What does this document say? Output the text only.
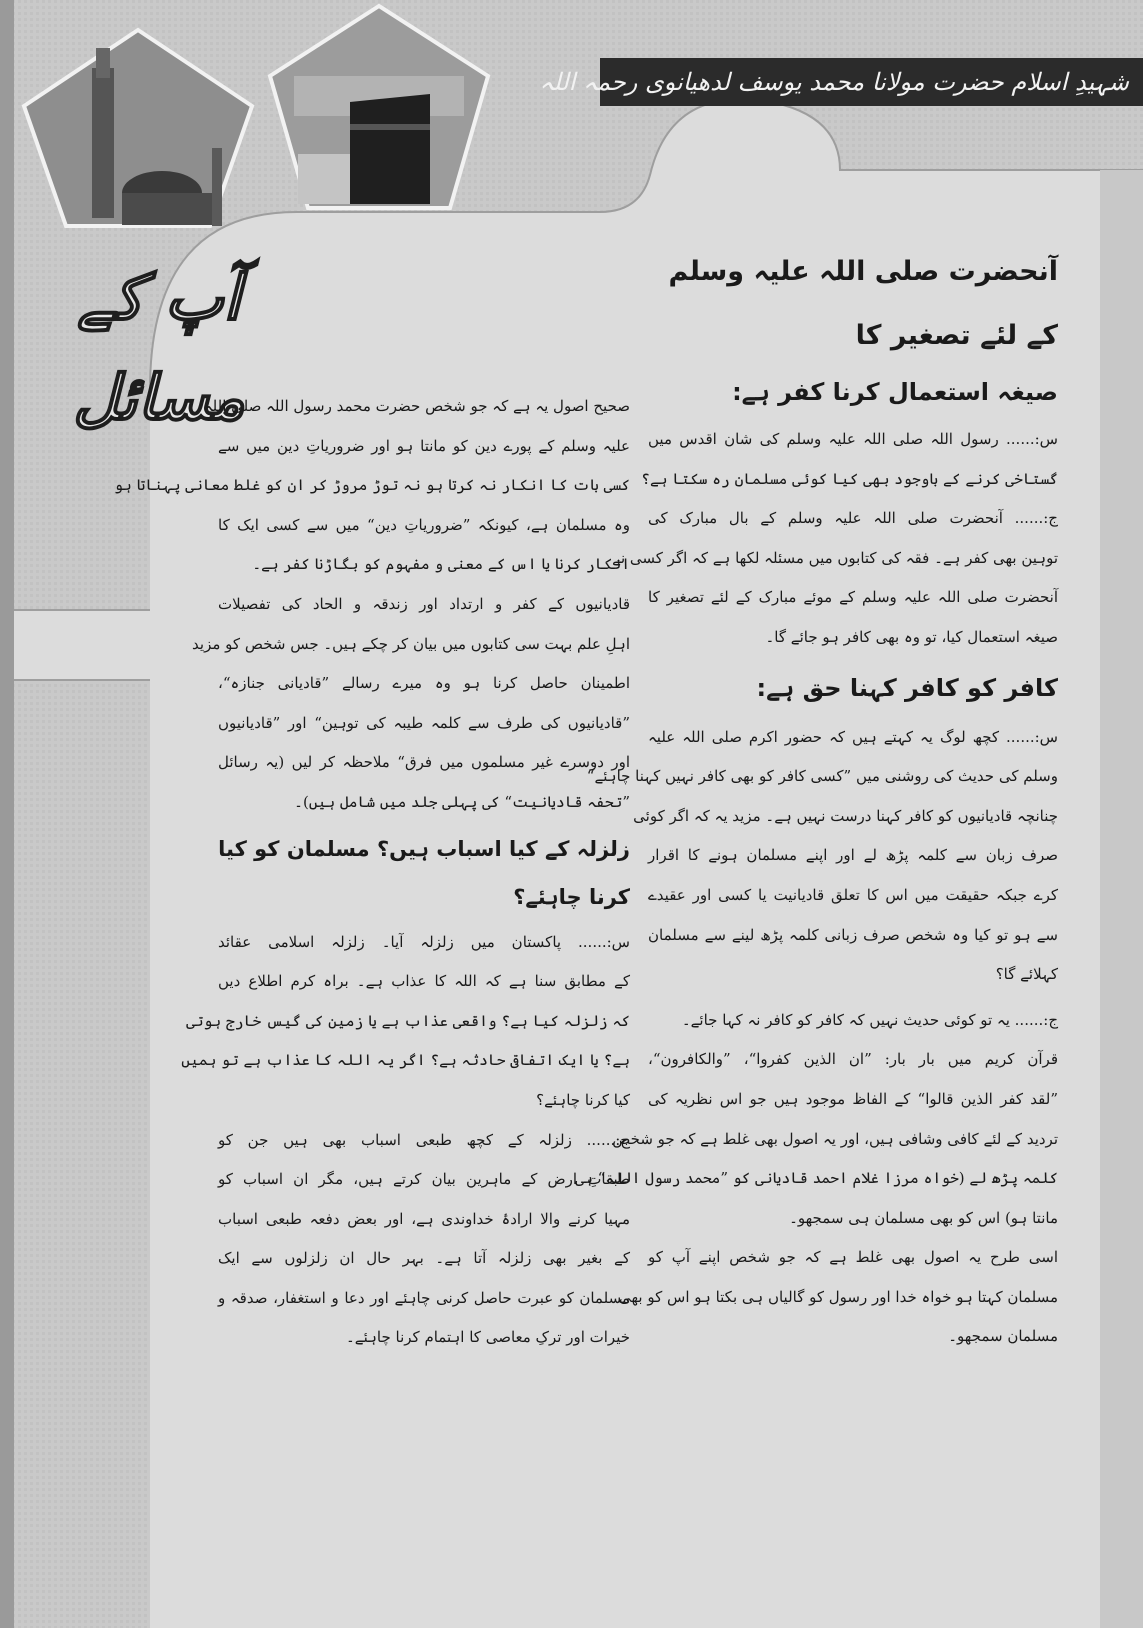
شہیدِ اسلام حضرت مولانا محمد یوسف لدھیانوی رحمہ اللہ
آپ کے مسائل

آنحضرت صلی اللہ علیہ وسلم کے لئے تصغیر کا

صیغہ استعمال کرنا کفر ہے:

س:...... رسول اللہ صلی اللہ علیہ وسلم کی شان اقدس میں
گستاخی کرنے کے باوجود بھی کیا کوئی مسلمان رہ سکتا ہے؟

ج:...... آنحضرت صلی اللہ علیہ وسلم کے بال مبارک کی
توہین بھی کفر ہے۔ فقہ کی کتابوں میں مسئلہ لکھا ہے کہ اگر کسی نے
آنحضرت صلی اللہ علیہ وسلم کے موئے مبارک کے لئے تصغیر کا
صیغہ استعمال کیا، تو وہ بھی کافر ہو جائے گا۔

کافر کو کافر کہنا حق ہے:

س:...... کچھ لوگ یہ کہتے ہیں کہ حضور اکرم صلی اللہ علیہ
وسلم کی حدیث کی روشنی میں ”کسی کافر کو بھی کافر نہیں کہنا چاہئے“
چنانچہ قادیانیوں کو کافر کہنا درست نہیں ہے۔ مزید یہ کہ اگر کوئی
صرف زبان سے کلمہ پڑھ لے اور اپنے مسلمان ہونے کا اقرار
کرے جبکہ حقیقت میں اس کا تعلق قادیانیت یا کسی اور عقیدے
سے ہو تو کیا وہ شخص صرف زبانی کلمہ پڑھ لینے سے مسلمان
کہلائے گا؟

ج:...... یہ تو کوئی حدیث نہیں کہ کافر کو کافر نہ کہا جائے۔
قرآن کریم میں بار بار: ”ان الذین کفروا“، ”والکافرون“،
”لقد کفر الذین قالوا“ کے الفاظ موجود ہیں جو اس نظریہ کی
تردید کے لئے کافی وشافی ہیں، اور یہ اصول بھی غلط ہے کہ جو شخص
کلمہ پڑھ لے (خواہ مرزا غلام احمد قادیانی کو ”محمد رسول اللہ“ ہی
مانتا ہو) اس کو بھی مسلمان ہی سمجھو۔

اسی طرح یہ اصول بھی غلط ہے کہ جو شخص اپنے آپ کو
مسلمان کہتا ہو خواہ خدا اور رسول کو گالیاں ہی بکتا ہو اس کو بھی
مسلمان سمجھو۔

صحیح اصول یہ ہے کہ جو شخص حضرت محمد رسول اللہ صلی اللہ
علیہ وسلم کے پورے دین کو مانتا ہو اور ضروریاتِ دین میں سے
کسی بات کا انکار نہ کرتا ہو نہ توڑ مروڑ کر ان کو غلط معانی پہناتا ہو
وہ مسلمان ہے، کیونکہ ”ضروریاتِ دین“ میں سے کسی ایک کا
انکار کرنا یا اس کے معنی و مفہوم کو بگاڑنا کفر ہے۔

قادیانیوں کے کفر و ارتداد اور زندقہ و الحاد کی تفصیلات
اہلِ علم بہت سی کتابوں میں بیان کر چکے ہیں۔ جس شخص کو مزید
اطمینان حاصل کرنا ہو وہ میرے رسالے ”قادیانی جنازہ“،
”قادیانیوں کی طرف سے کلمہ طیبہ کی توہین“ اور ”قادیانیوں
اور دوسرے غیر مسلموں میں فرق“ ملاحظہ کر لیں (یہ رسائل
”تحفہ قادیانیت“ کی پہلی جلد میں شامل ہیں)۔

زلزلہ کے کیا اسباب ہیں؟ مسلمان کو کیا کرنا چاہئے؟

س:...... پاکستان میں زلزلہ آیا۔ زلزلہ اسلامی عقائد
کے مطابق سنا ہے کہ اللہ کا عذاب ہے۔ براہ کرم اطلاع دیں
کہ زلزلہ کیا ہے؟ واقعی عذاب ہے یا زمین کی گیس خارج ہوتی
ہے؟ یا ایک اتفاقی حادثہ ہے؟ اگر یہ اللہ کا عذاب ہے تو ہمیں
کیا کرنا چاہئے؟

ج:...... زلزلہ کے کچھ طبعی اسباب بھی ہیں جن کو
طبقاتِ ارض کے ماہرین بیان کرتے ہیں، مگر ان اسباب کو
مہیا کرنے والا ارادۂ خداوندی ہے، اور بعض دفعہ طبعی اسباب
کے بغیر بھی زلزلہ آتا ہے۔ بہر حال ان زلزلوں سے ایک
مسلمان کو عبرت حاصل کرنی چاہئے اور دعا و استغفار، صدقہ و
خیرات اور ترکِ معاصی کا اہتمام کرنا چاہئے۔
